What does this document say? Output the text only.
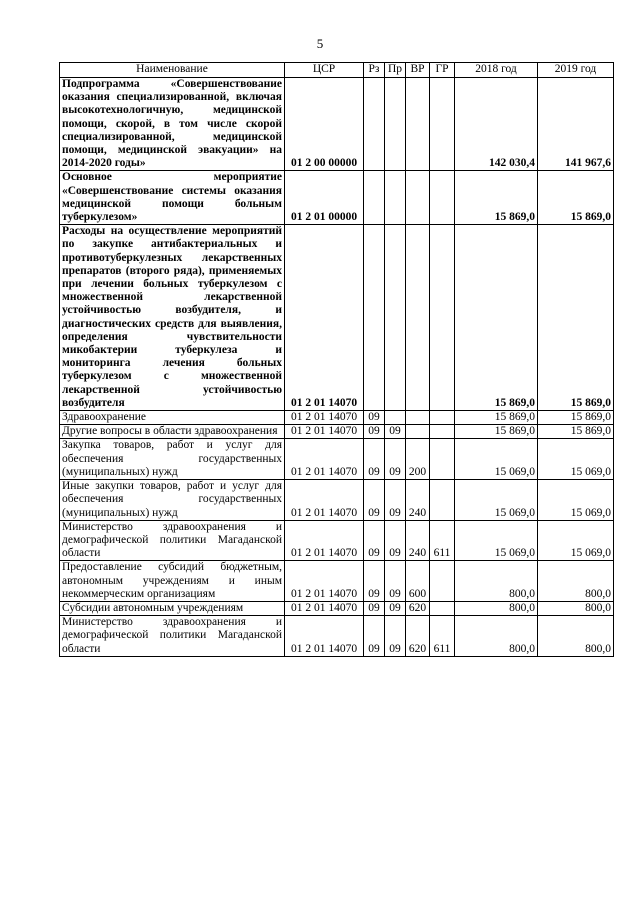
5
Наименование	ЦСР	Рз	Пр	ВР	ГР	2018 год	2019 год
Подпрограмма «Совершенствование оказания специализированной, включая высокотехнологичную, медицинской помощи, скорой, в том числе скорой специализированной, медицинской помощи, медицинской эвакуации» на 2014-2020 годы»	01 2 00 00000					142 030,4	141 967,6
Основное мероприятие «Совершенствование системы оказания медицинской помощи больным туберкулезом»	01 2 01 00000					15 869,0	15 869,0
Расходы на осуществление мероприятий по закупке антибактериальных и противотуберкулезных лекарственных препаратов (второго ряда), применяемых при лечении больных туберкулезом с множественной лекарственной устойчивостью возбудителя, и диагностических средств для выявления, определения чувствительности микобактерии туберкулеза и мониторинга лечения больных туберкулезом с множественной лекарственной устойчивостью возбудителя	01 2 01 14070					15 869,0	15 869,0
Здравоохранение	01 2 01 14070	09				15 869,0	15 869,0
Другие вопросы в области здравоохранения	01 2 01 14070	09	09			15 869,0	15 869,0
Закупка товаров, работ и услуг для обеспечения государственных (муниципальных) нужд	01 2 01 14070	09	09	200		15 069,0	15 069,0
Иные закупки товаров, работ и услуг для обеспечения государственных (муниципальных) нужд	01 2 01 14070	09	09	240		15 069,0	15 069,0
Министерство здравоохранения и демографической политики Магаданской области	01 2 01 14070	09	09	240	611	15 069,0	15 069,0
Предоставление субсидий бюджетным, автономным учреждениям и иным некоммерческим организациям	01 2 01 14070	09	09	600		800,0	800,0
Субсидии автономным учреждениям	01 2 01 14070	09	09	620		800,0	800,0
Министерство здравоохранения и демографической политики Магаданской области	01 2 01 14070	09	09	620	611	800,0	800,0
